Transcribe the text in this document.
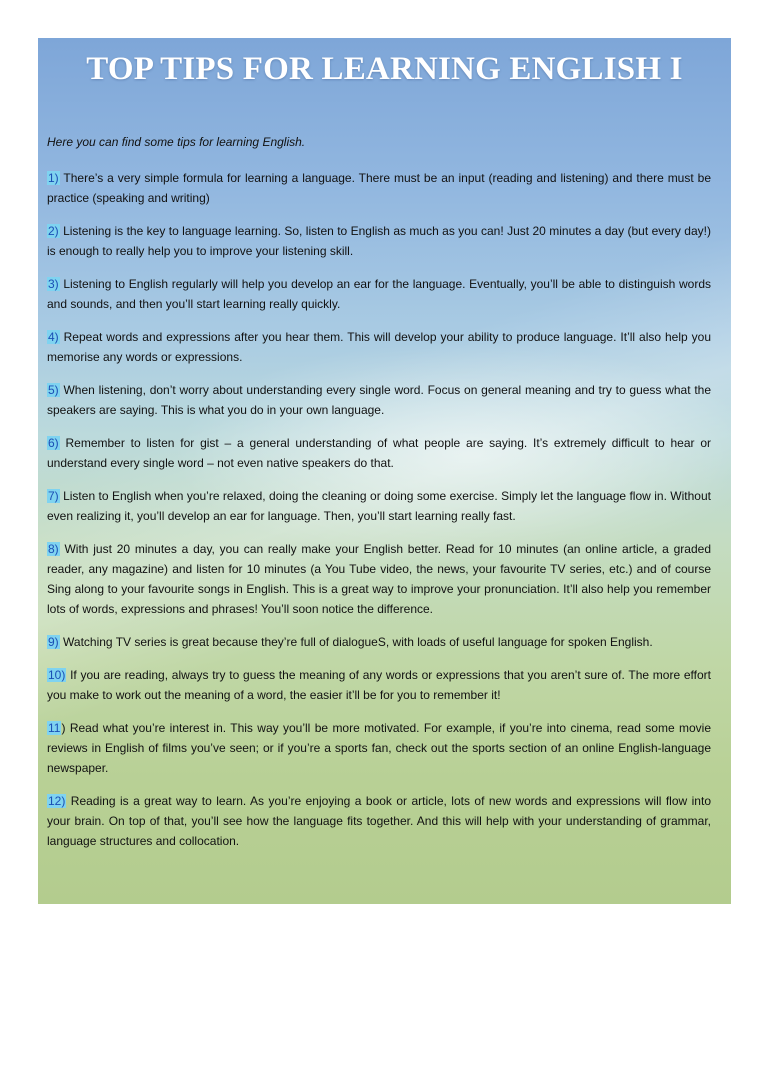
TOP TIPS FOR LEARNING ENGLISH I
Here you can find some tips for learning English.

1) There’s a very simple formula for learning a language. There must be an input (reading and listening) and there must be practice (speaking and writing)

2) Listening is the key to language learning. So, listen to English as much as you can! Just 20 minutes a day (but every day!) is enough to really help you to improve your listening skill.

3) Listening to English regularly will help you develop an ear for the language. Eventually, you’ll be able to distinguish words and sounds, and then you’ll start learning really quickly.

4) Repeat words and expressions after you hear them. This will develop your ability to produce language. It’ll also help you memorise any words or expressions.

5) When listening, don’t worry about understanding every single word. Focus on general meaning and try to guess what the speakers are saying. This is what you do in your own language.

6) Remember to listen for gist – a general understanding of what people are saying. It’s extremely difficult to hear or understand every single word – not even native speakers do that.

7) Listen to English when you’re relaxed, doing the cleaning or doing some exercise. Simply let the language flow in. Without even realizing it, you’ll develop an ear for language. Then, you’ll start learning really fast.

8) With just 20 minutes a day, you can really make your English better. Read for 10 minutes (an online article, a graded reader, any magazine) and listen for 10 minutes (a You Tube video, the news, your favourite TV series, etc.) and of course Sing along to your favourite songs in English. This is a great way to improve your pronunciation. It’ll also help you remember lots of words, expressions and phrases! You’ll soon notice the difference.

9) Watching TV series is great because they’re full of dialogueS, with loads of useful language for spoken English.

10) If you are reading, always try to guess the meaning of any words or expressions that you aren’t sure of. The more effort you make to work out the meaning of a word, the easier it’ll be for you to remember it!

11) Read what you’re interest in. This way you’ll be more motivated. For example, if you’re into cinema, read some movie reviews in English of films you’ve seen; or if you’re a sports fan, check out the sports section of an online English-language newspaper.

12) Reading is a great way to learn. As you’re enjoying a book or article, lots of new words and expressions will flow into your brain. On top of that, you’ll see how the language fits together. And this will help with your understanding of grammar, language structures and collocation.
